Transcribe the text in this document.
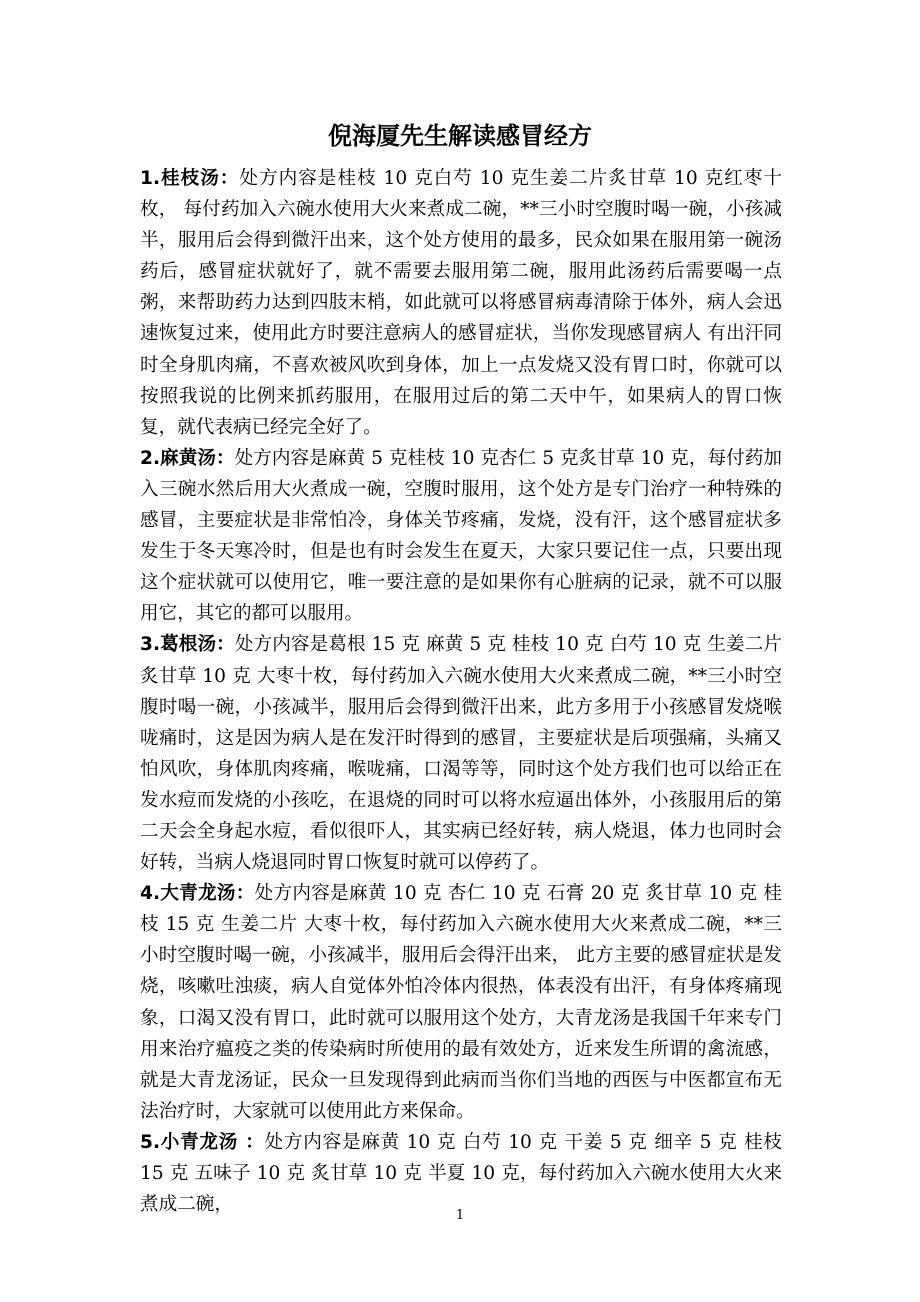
倪海厦先生解读感冒经方

1.桂枝汤：处方内容是桂枝 10 克白芍 10 克生姜二片炙甘草 10 克红枣十枚， 每付药加入六碗水使用大火来煮成二碗，**三小时空腹时喝一碗，小孩减半，服用后会得到微汗出来，这个处方使用的最多，民众如果在服用第一碗汤药后，感冒症状就好了，就不需要去服用第二碗，服用此汤药后需要喝一点粥，来帮助药力达到四肢末梢，如此就可以将感冒病毒清除于体外，病人会迅速恢复过来，使用此方时要注意病人的感冒症状，当你发现感冒病人 有出汗同时全身肌肉痛，不喜欢被风吹到身体，加上一点发烧又没有胃口时，你就可以按照我说的比例来抓药服用，在服用过后的第二天中午，如果病人的胃口恢复，就代表病已经完全好了。

2.麻黄汤：处方内容是麻黄 5 克桂枝 10 克杏仁 5 克炙甘草 10 克，每付药加入三碗水然后用大火煮成一碗，空腹时服用，这个处方是专门治疗一种特殊的感冒，主要症状是非常怕冷，身体关节疼痛，发烧，没有汗，这个感冒症状多发生于冬天寒冷时，但是也有时会发生在夏天，大家只要记住一点，只要出现这个症状就可以使用它，唯一要注意的是如果你有心脏病的记录，就不可以服用它，其它的都可以服用。

3.葛根汤：处方内容是葛根 15 克 麻黄 5 克 桂枝 10 克 白芍 10 克 生姜二片 炙甘草 10 克 大枣十枚，每付药加入六碗水使用大火来煮成二碗，**三小时空腹时喝一碗，小孩减半，服用后会得到微汗出来，此方多用于小孩感冒发烧喉咙痛时，这是因为病人是在发汗时得到的感冒，主要症状是后项强痛，头痛又怕风吹，身体肌肉疼痛，喉咙痛，口渴等等，同时这个处方我们也可以给正在发水痘而发烧的小孩吃，在退烧的同时可以将水痘逼出体外，小孩服用后的第二天会全身起水痘，看似很吓人，其实病已经好转，病人烧退，体力也同时会好转，当病人烧退同时胃口恢复时就可以停药了。

4.大青龙汤：处方内容是麻黄 10 克 杏仁 10 克 石膏 20 克 炙甘草 10 克 桂枝 15 克 生姜二片 大枣十枚，每付药加入六碗水使用大火来煮成二碗，**三小时空腹时喝一碗，小孩减半，服用后会得汗出来， 此方主要的感冒症状是发烧，咳嗽吐浊痰，病人自觉体外怕冷体内很热，体表没有出汗，有身体疼痛现象，口渴又没有胃口，此时就可以服用这个处方，大青龙汤是我国千年来专门用来治疗瘟疫之类的传染病时所使用的最有效处方，近来发生所谓的禽流感，就是大青龙汤证，民众一旦发现得到此病而当你们当地的西医与中医都宣布无法治疗时，大家就可以使用此方来保命。

5.小青龙汤 ：处方内容是麻黄 10 克 白芍 10 克 干姜 5 克 细辛 5 克 桂枝 15 克 五味子 10 克 炙甘草 10 克 半夏 10 克，每付药加入六碗水使用大火来煮成二碗，

1
